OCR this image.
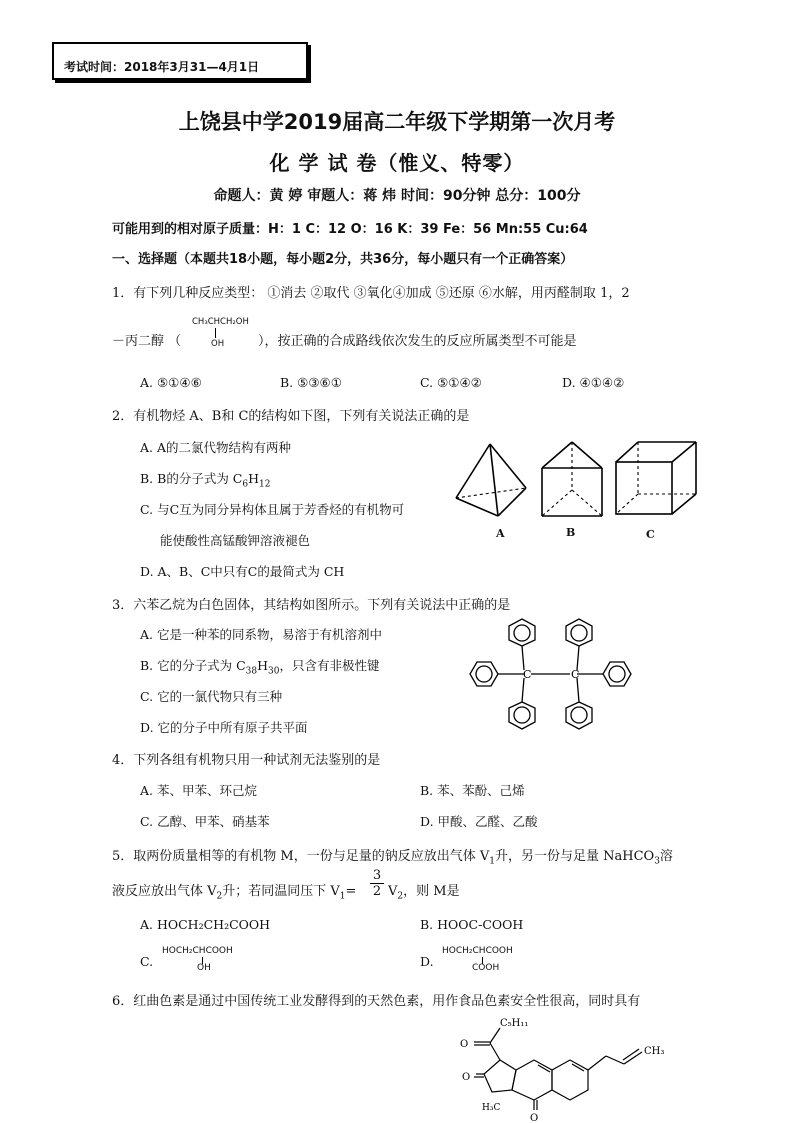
考试时间：2018年3月31—4月1日
上饶县中学2019届高二年级下学期第一次月考
化 学 试 卷（惟义、特零）
命题人：黄 婷 审题人：蒋 炜 时间：90分钟 总分：100分
可能用到的相对原子质量：H：1 C：12 O：16 K：39 Fe：56 Mn:55 Cu:64
一、选择题（本题共18小题，每小题2分，共36分，每小题只有一个正确答案）
1．有下列几种反应类型： ①消去 ②取代 ③氧化④加成 ⑤还原 ⑥水解，用丙醛制取 1，2
－丙二醇 （
CH₃CHCH₂OH
OH	），按正确的合成路线依次发生的反应所属类型不可能是
A. ⑤①④⑥	B. ⑤③⑥①	C. ⑤①④②	D. ④①④②
2．有机物烃 A、B和 C的结构如下图，下列有关说法正确的是
A. A的二氯代物结构有两种
B. B的分子式为 $C_6H_{12}$
C. 与C互为同分异构体且属于芳香烃的有机物可
能使酸性高锰酸钾溶液褪色
D. A、B、C中只有C的最简式为 CH
A	B	C
3．六苯乙烷为白色固体，其结构如图所示。下列有关说法中正确的是
A. 它是一种苯的同系物，易溶于有机溶剂中
B. 它的分子式为 $C_{38}H_{30}$，只含有非极性键
C. 它的一氯代物只有三种
D. 它的分子中所有原子共平面
C	C
4．下列各组有机物只用一种试剂无法鉴别的是
A. 苯、甲苯、环己烷	B. 苯、苯酚、己烯
C. 乙醇、甲苯、硝基苯	D. 甲酸、乙醛、乙酸
5．取两份质量相等的有机物 M，一份与足量的钠反应放出气体 $V_1$升，另一份与足量 NaHCO$_3$溶
液反应放出气体 $V_2$升；若同温同压下 $V_1=$
3
2 $V_2$，则 M是
A. HOCH₂CH₂COOH	B. HOOC-COOH
C.
HOCH₂CHCOOH
OH	D.
HOCH₂CHCOOH
COOH
6．红曲色素是通过中国传统工业发酵得到的天然色素，用作食品色素安全性很高，同时具有
C₅H₁₁
CH₃
H₃C
O
O
O
